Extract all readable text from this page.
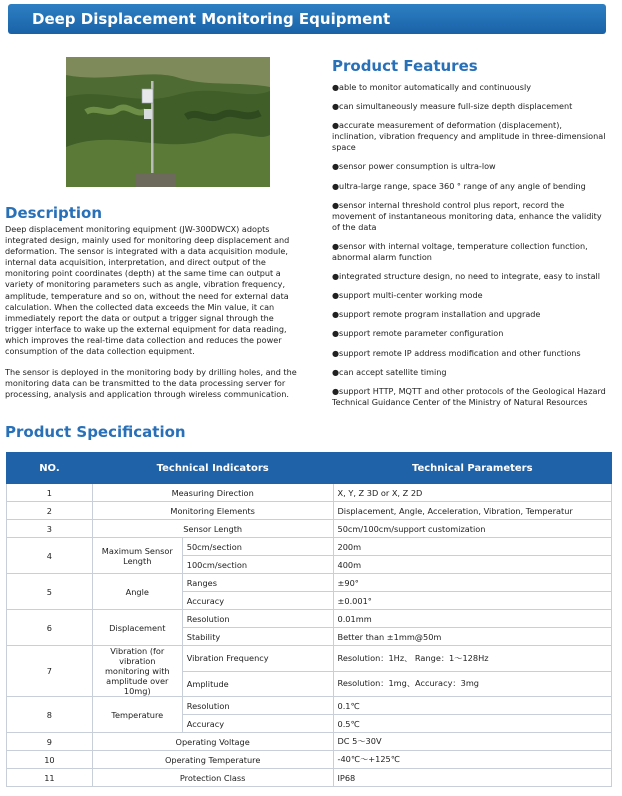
Deep Displacement Monitoring Equipment
Description

Deep displacement monitoring equipment (JW-300DWCX) adopts integrated design, mainly used for monitoring deep displacement and deformation. The sensor is integrated with a data acquisition module, internal data acquisition, interpretation, and direct output of the monitoring point coordinates (depth) at the same time can output a variety of monitoring parameters such as angle, vibration frequency, amplitude, temperature and so on, without the need for external data calculation. When the collected data exceeds the Min value, it can immediately report the data or output a trigger signal through the trigger interface to wake up the external equipment for data reading, which improves the real-time data collection and reduces the power consumption of the data collection equipment.

The sensor is deployed in the monitoring body by drilling holes, and the monitoring data can be transmitted to the data processing server for processing, analysis and application through wireless communication.

Product Features
●able to monitor automatically and continuously
●can simultaneously measure full-size depth displacement
●accurate measurement of deformation (displacement), inclination, vibration frequency and amplitude in three-dimensional space
●sensor power consumption is ultra-low
●ultra-large range, space 360 ° range of any angle of bending
●sensor internal threshold control plus report, record the movement of instantaneous monitoring data, enhance the validity of the data
●sensor with internal voltage, temperature collection function, abnormal alarm function
●integrated structure design, no need to integrate, easy to install
●support multi-center working mode
●support remote program installation and upgrade
●support remote parameter configuration
●support remote IP address modification and other functions
●can accept satellite timing
●support HTTP, MQTT and other protocols of the Geological Hazard Technical Guidance Center of the Ministry of Natural Resources
Product Specification
NO.	Technical Indicators		Technical Parameters
1	Measuring Direction		X, Y, Z 3D or X, Z 2D
2	Monitoring Elements		Displacement, Angle, Acceleration, Vibration, Temperatur
3	Sensor Length		50cm/100cm/support customization
4	Maximum Sensor Length	50cm/section	200m
		100cm/section	400m
5	Angle	Ranges	±90°
		Accuracy	±0.001°
6	Displacement	Resolution	0.01mm
		Stability	Better than ±1mm@50m
7	Vibration (for vibration monitoring with amplitude over 10mg)	Vibration Frequency	Resolution：1Hz、 Range：1～128Hz
		Amplitude	Resolution：1mg、Accuracy：3mg
8	Temperature	Resolution	0.1℃
		Accuracy	0.5℃
9	Operating Voltage		DC 5～30V
10	Operating Temperature		-40℃～+125℃
11	Protection Class		IP68
